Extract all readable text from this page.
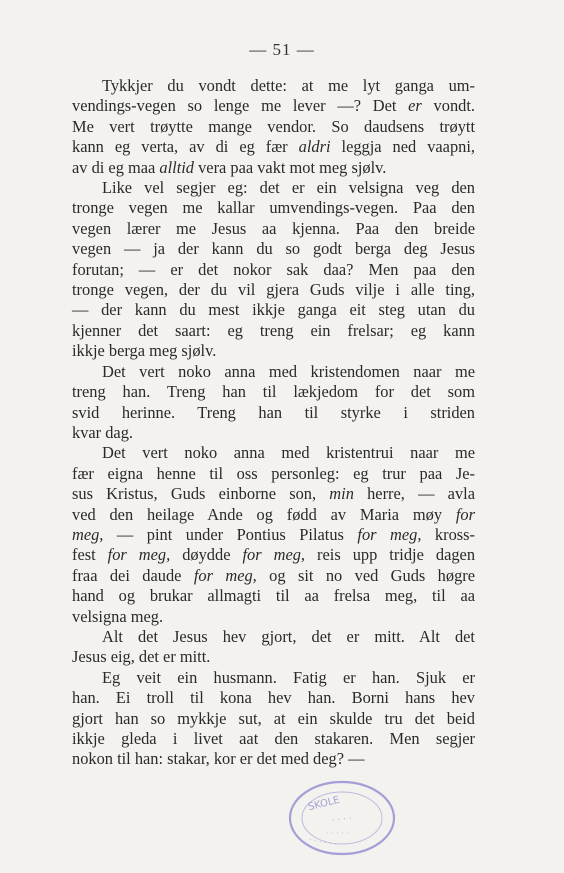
— 51 —
Tykkjer du vondt dette: at me lyt ganga um-
vendings-vegen so lenge me lever —? Det er vondt.
Me vert trøytte mange vendor. So daudsens trøytt
kann eg verta, av di eg fær aldri leggja ned vaapni,
av di eg maa alltid vera paa vakt mot meg sjølv.
Like vel segjer eg: det er ein velsigna veg den
tronge vegen me kallar umvendings-vegen. Paa den
vegen lærer me Jesus aa kjenna. Paa den breide
vegen — ja der kann du so godt berga deg Jesus
forutan; — er det nokor sak daa? Men paa den
tronge vegen, der du vil gjera Guds vilje i alle ting,
— der kann du mest ikkje ganga eit steg utan du
kjenner det saart: eg treng ein frelsar; eg kann
ikkje berga meg sjølv.
Det vert noko anna med kristendomen naar me
treng han. Treng han til lækjedom for det som
svid herinne. Treng han til styrke i striden
kvar dag.
Det vert noko anna med kristentrui naar me
fær eigna henne til oss personleg: eg trur paa Je-
sus Kristus, Guds einborne son, min herre, — avla
ved den heilage Ande og fødd av Maria møy for
meg, — pint under Pontius Pilatus for meg, kross-
fest for meg, døydde for meg, reis upp tridje dagen
fraa dei daude for meg, og sit no ved Guds høgre
hand og brukar allmagti til aa frelsa meg, til aa
velsigna meg.
Alt det Jesus hev gjort, det er mitt. Alt det
Jesus eig, det er mitt.
Eg veit ein husmann. Fatig er han. Sjuk er
han. Ei troll til kona hev han. Borni hans hev
gjort han so mykkje sut, at ein skulde tru det beid
ikkje gleda i livet aat den stakaren. Men segjer
nokon til han: stakar, kor er det med deg? —
SKOLE
· · · ·
· · · · ·
· · · · · ·
